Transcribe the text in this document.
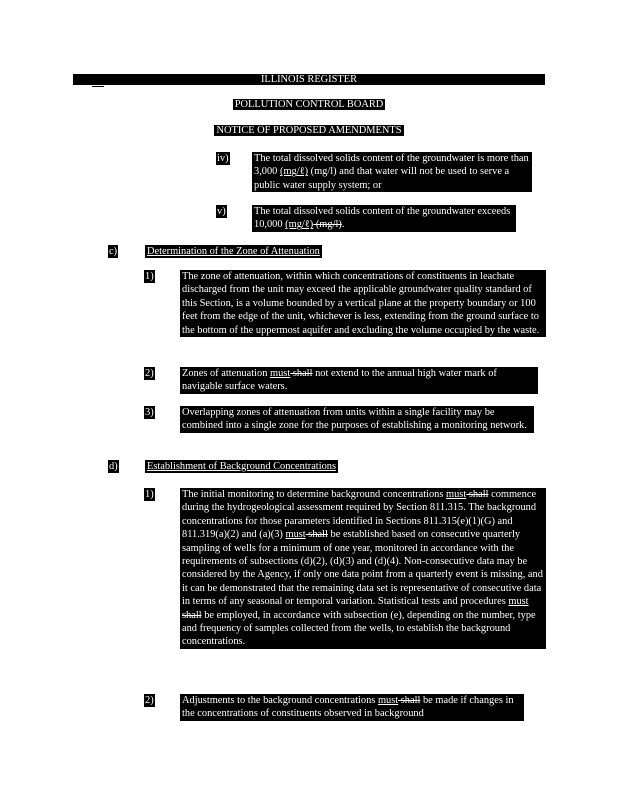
ILLINOIS REGISTER
POLLUTION CONTROL BOARD
NOTICE OF PROPOSED AMENDMENTS
iv) The total dissolved solids content of the groundwater is more than 3,000 (mg/ℓ) (mg/l) and that water will not be used to serve a public water supply system; or
v)	The total dissolved solids content of the groundwater exceeds 10,000 (mg/ℓ) (mg/l).
c)	Determination of the Zone of Attenuation
1)	The zone of attenuation, within which concentrations of constituents in leachate discharged from the unit may exceed the applicable groundwater quality standard of this Section, is a volume bounded by a vertical plane at the property boundary or 100 feet from the edge of the unit, whichever is less, extending from the ground surface to the bottom of the uppermost aquifer and excluding the volume occupied by the waste.
2)	Zones of attenuation must shall not extend to the annual high water mark of navigable surface waters.
3)	Overlapping zones of attenuation from units within a single facility may be combined into a single zone for the purposes of establishing a monitoring network.
d)	Establishment of Background Concentrations
1)	The initial monitoring to determine background concentrations must shall commence during the hydrogeological assessment required by Section 811.315. The background concentrations for those parameters identified in Sections 811.315(e)(1)(G) and 811.319(a)(2) and (a)(3) must shall be established based on consecutive quarterly sampling of wells for a minimum of one year, monitored in accordance with the requirements of subsections (d)(2), (d)(3) and (d)(4). Non-consecutive data may be considered by the Agency, if only one data point from a quarterly event is missing, and it can be demonstrated that the remaining data set is representative of consecutive data in terms of any seasonal or temporal variation. Statistical tests and procedures must shall be employed, in accordance with subsection (e), depending on the number, type and frequency of samples collected from the wells, to establish the background concentrations.
2)	Adjustments to the background concentrations must shall be made if changes in the concentrations of constituents observed in background
